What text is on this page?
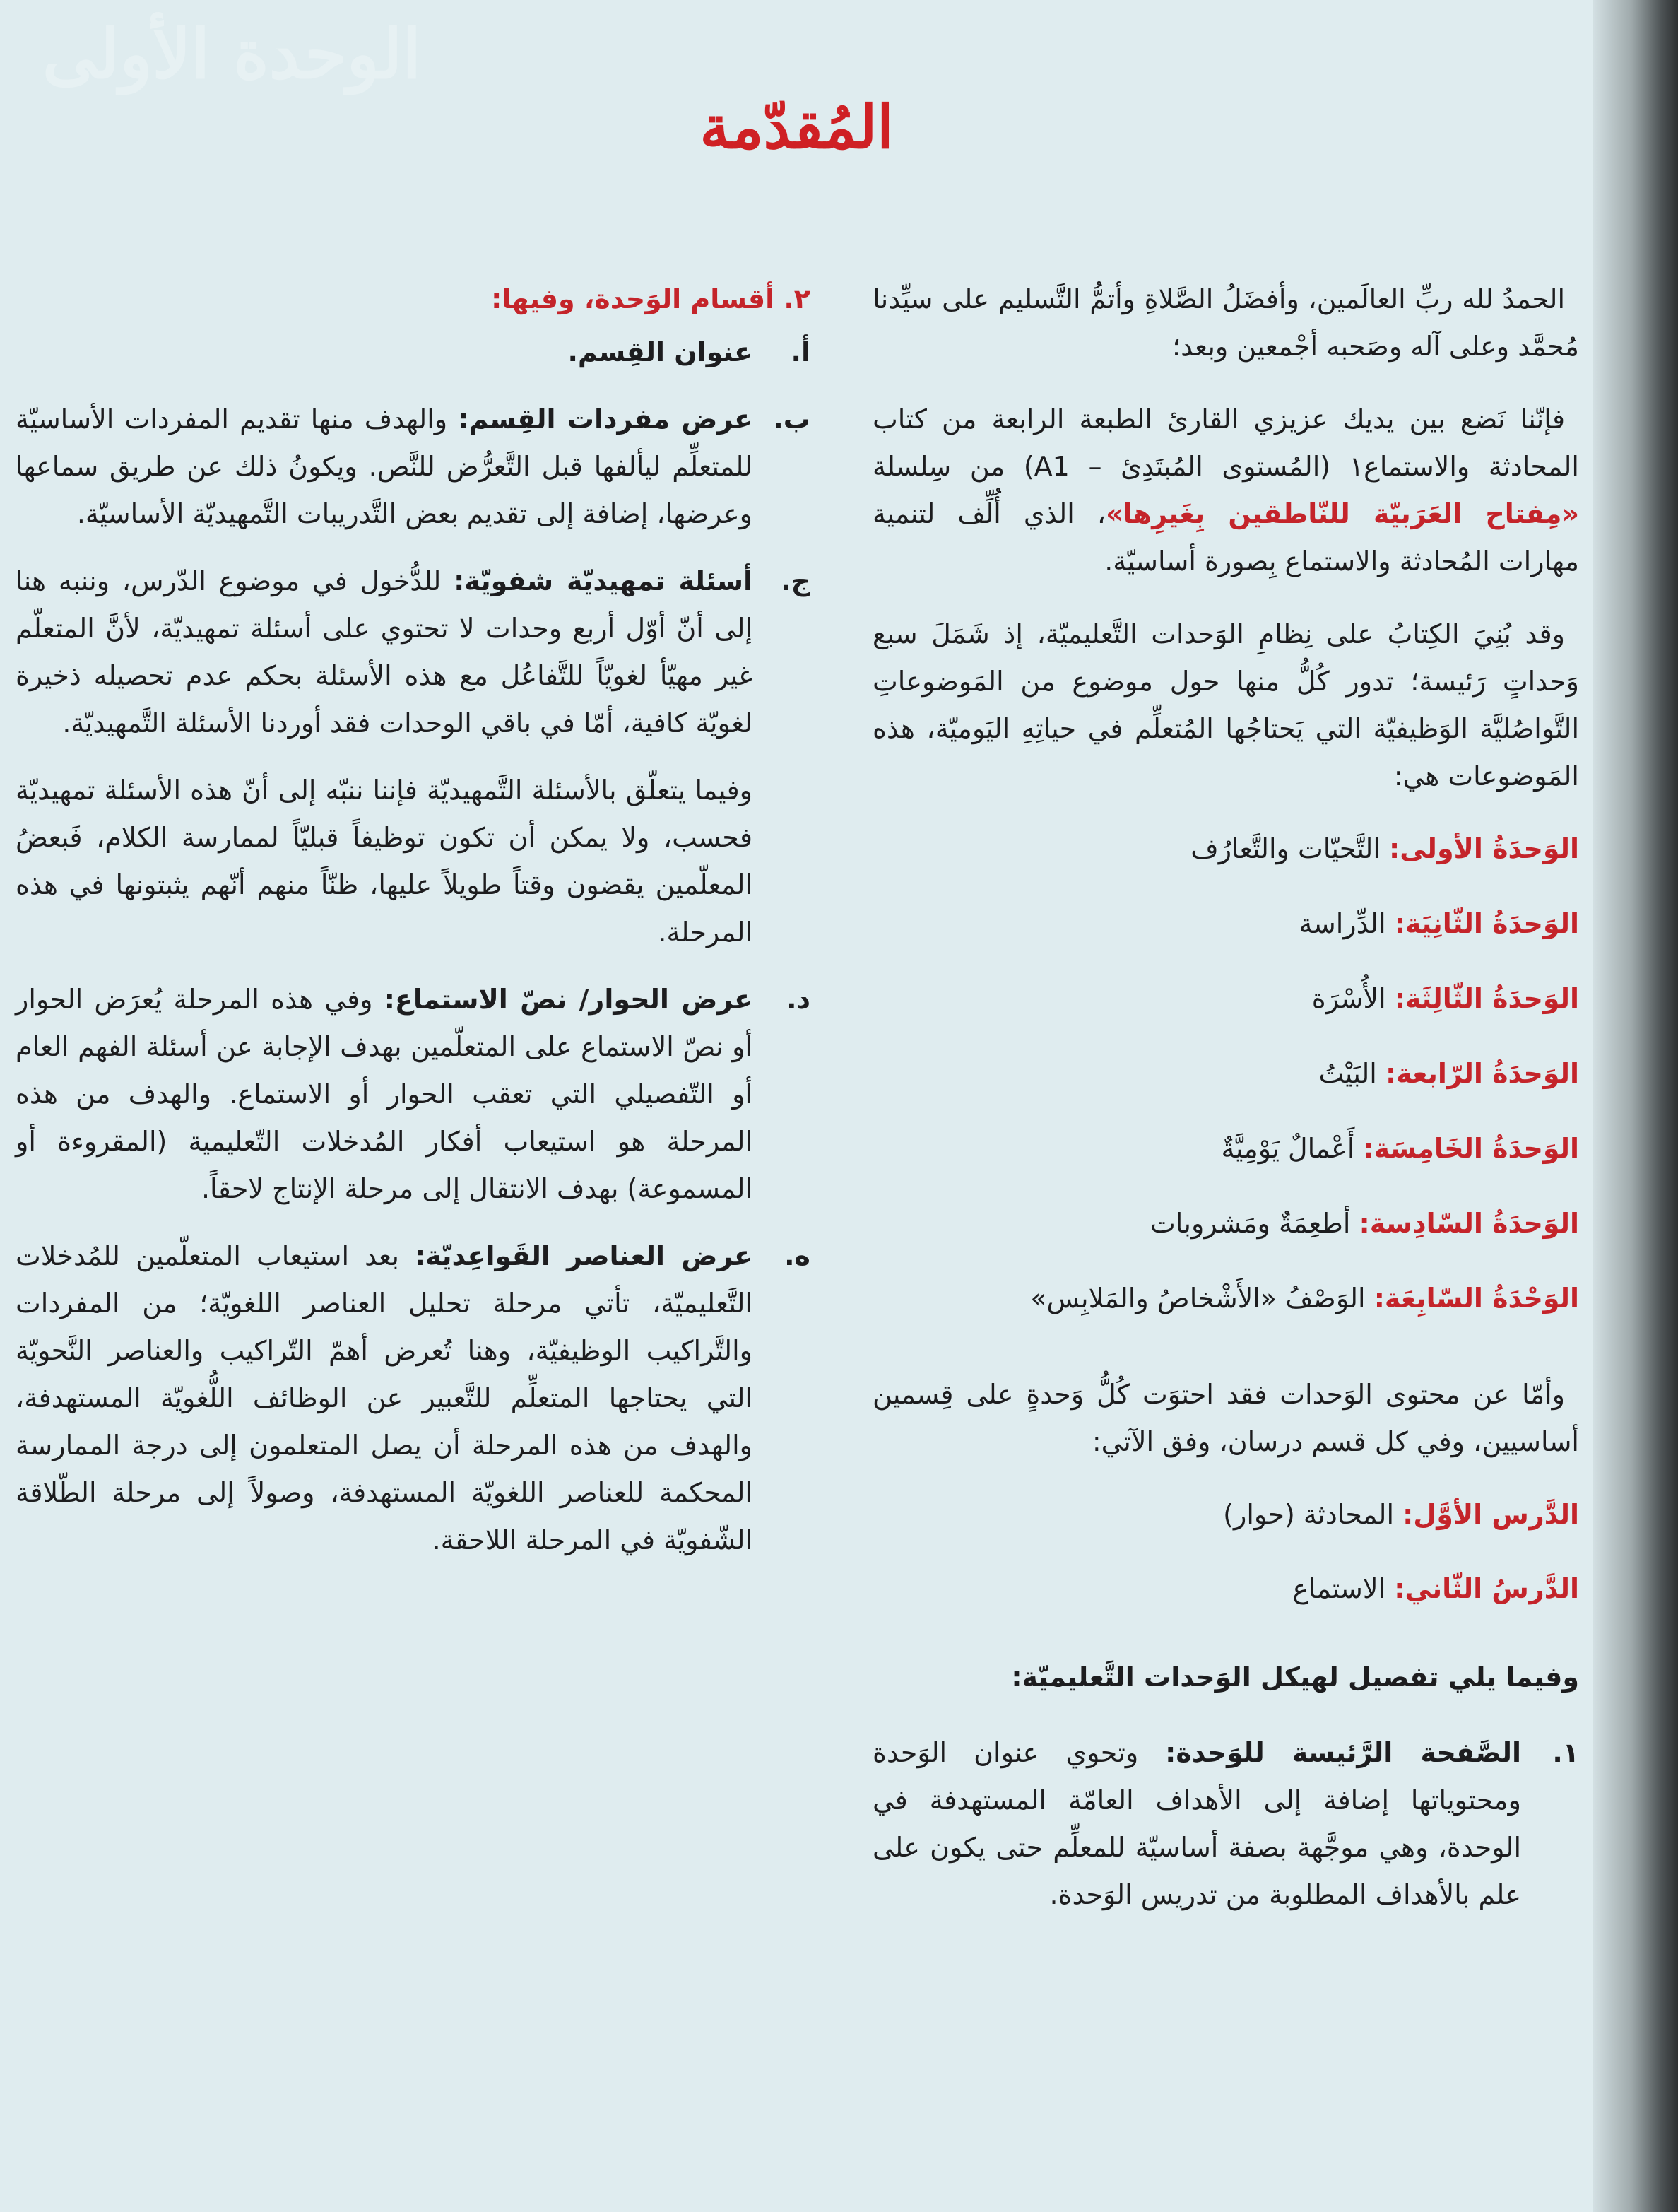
الوحدة الأولى
المُقدّمة

الحمدُ لله ربِّ العالَمين، وأفضَلُ الصَّلاةِ وأتمُّ التَّسليم على سيِّدنا مُحمَّد وعلى آله وصَحبه أجْمعين وبعد؛

فإنّنا نَضع بين يديك عزيزي القارئ الطبعة الرابعة من كتاب المحادثة والاستماع١ (المُستوى المُبتَدِئ – A1) من سِلسلة «مِفتاح العَرَبيّة للنّاطقين بِغَيرِها»، الذي أُلِّف لتنمية مهارات المُحادثة والاستماع بِصورة أساسيّة.

وقد بُنِيَ الكِتابُ على نِظامِ الوَحدات التَّعليميّة، إذ شَمَلَ سبع وَحداتٍ رَئيسة؛ تدور كُلُّ منها حول موضوع من المَوضوعاتِ التَّواصُليَّة الوَظيفيّة التي يَحتاجُها المُتعلِّم في حياتِهِ اليَوميّة، هذه المَوضوعات هي:

الوَحدَةُ الأولى:

التَّحيّات والتَّعارُف
الوَحدَةُ الثّانِيَة:

الدِّراسة
الوَحدَةُ الثّالِثَة:

الأُسْرَة
الوَحدَةُ الرّابعة:

البَيْتُ
الوَحدَةُ الخَامِسَة:

أَعْمالٌ يَوْمِيَّةٌ
الوَحدَةُ السّادِسة:

أطعِمَةٌ ومَشروبات
الوَحْدَةُ السّابِعَة:

الوَصْفُ «الأَشْخاصُ والمَلابِس»

وأمّا عن محتوى الوَحدات فقد احتوَت كُلُّ وَحدةٍ على قِسمين أساسيين، وفي كل قسم درسان، وفق الآتي:

الدَّرس الأوَّل:

المحادثة (حوار)
الدَّرسُ الثّاني:

الاستماع

وفيما يلي تفصيل لهيكل الوَحدات التَّعليميّة:

١.
الصَّفحة الرَّئيسة للوَحدة: وتحوي عنوان الوَحدة ومحتوياتها إضافة إلى الأهداف العامّة المستهدفة في الوحدة، وهي موجَّهة بصفة أساسيّة للمعلِّم حتى يكون على علم بالأهداف المطلوبة من تدريس الوَحدة.

٢. أقسام الوَحدة، وفيها:

أ.
عنوان القِسم.
ب.
عرض مفردات القِسم: والهدف منها تقديم المفردات الأساسيّة للمتعلِّم ليألفها قبل التَّعرُّض للنَّص. ويكونُ ذلك عن طريق سماعها وعرضها، إضافة إلى تقديم بعض التَّدريبات التَّمهيديّة الأساسيّة.
ج.
أسئلة تمهيديّة شفويّة: للدُّخول في موضوع الدّرس، وننبه هنا إلى أنّ أوّل أربع وحدات لا تحتوي على أسئلة تمهيديّة، لأنَّ المتعلّم غير مهيّأ لغويّاً للتَّفاعُل مع هذه الأسئلة بحكم عدم تحصيله ذخيرة لغويّة كافية، أمّا في باقي الوحدات فقد أوردنا الأسئلة التَّمهيديّة.

وفيما يتعلّق بالأسئلة التَّمهيديّة فإننا ننبّه إلى أنّ هذه الأسئلة تمهيديّة فحسب، ولا يمكن أن تكون توظيفاً قبليّاً لممارسة الكلام، فَبعضُ المعلّمين يقضون وقتاً طويلاً عليها، ظنّاً منهم أنّهم يثبتونها في هذه المرحلة.

د.
عرض الحوار/ نصّ الاستماع: وفي هذه المرحلة يُعرَض الحوار أو نصّ الاستماع على المتعلّمين بهدف الإجابة عن أسئلة الفهم العام أو التّفصيلي التي تعقب الحوار أو الاستماع. والهدف من هذه المرحلة هو استيعاب أفكار المُدخلات التّعليمية (المقروءة أو المسموعة) بهدف الانتقال إلى مرحلة الإنتاج لاحقاً.
ه.
عرض العناصر القَواعِديّة: بعد استيعاب المتعلّمين للمُدخلات التَّعليميّة، تأتي مرحلة تحليل العناصر اللغويّة؛ من المفردات والتَّراكيب الوظيفيّة، وهنا تُعرض أهمّ التّراكيب والعناصر النَّحويّة التي يحتاجها المتعلِّم للتَّعبير عن الوظائف اللُّغويّة المستهدفة، والهدف من هذه المرحلة أن يصل المتعلمون إلى درجة الممارسة المحكمة للعناصر اللغويّة المستهدفة، وصولاً إلى مرحلة الطّلاقة الشّفويّة في المرحلة اللاحقة.
